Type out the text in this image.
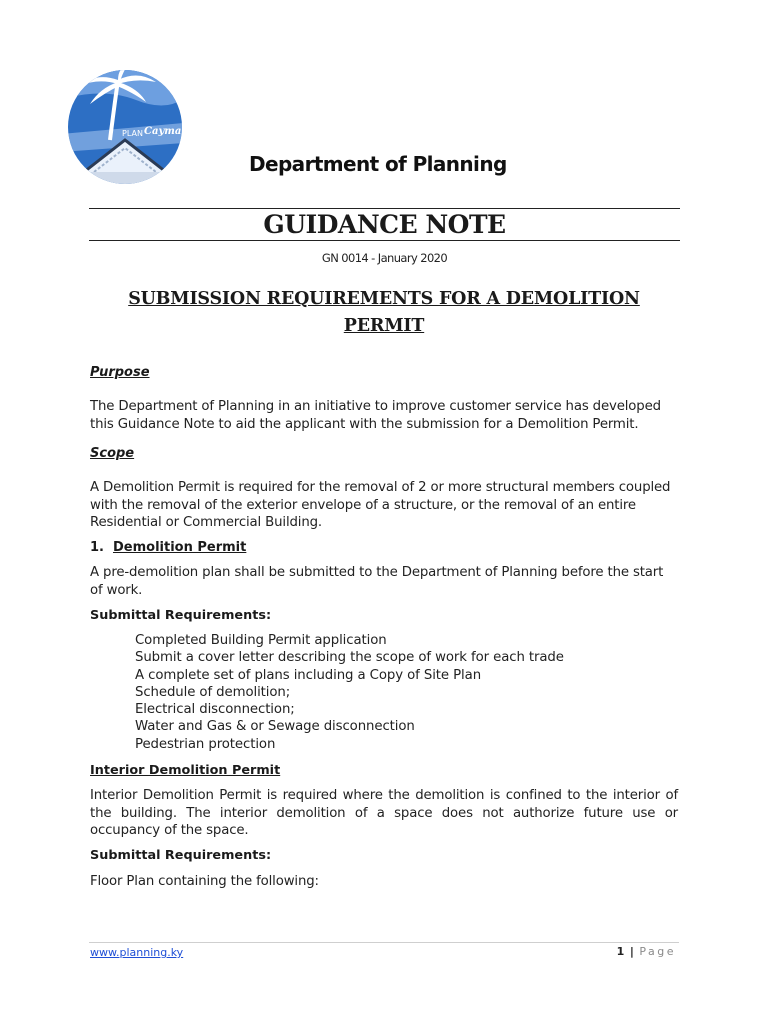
PLAN Cayman
Department of Planning
GUIDANCE NOTE
GN 0014 - January 2020
SUBMISSION REQUIREMENTS FOR A DEMOLITION
PERMIT
Purpose
The Department of Planning in an initiative to improve customer service has developed this Guidance Note to aid the applicant with the submission for a Demolition Permit.
Scope
A Demolition Permit is required for the removal of 2 or more structural members coupled with the removal of the exterior envelope of a structure, or the removal of an entire Residential or Commercial Building.
1. Demolition Permit
A pre-demolition plan shall be submitted to the Department of Planning before the start of work.
Submittal Requirements:
Completed Building Permit application
Submit a cover letter describing the scope of work for each trade
A complete set of plans including a Copy of Site Plan
Schedule of demolition;
Electrical disconnection;
Water and Gas & or Sewage disconnection
Pedestrian protection
Interior Demolition Permit
Interior Demolition Permit is required where the demolition is confined to the interior of the building. The interior demolition of a space does not authorize future use or occupancy of the space.
Submittal Requirements:
Floor Plan containing the following:
www.planning.ky	1 | Page
